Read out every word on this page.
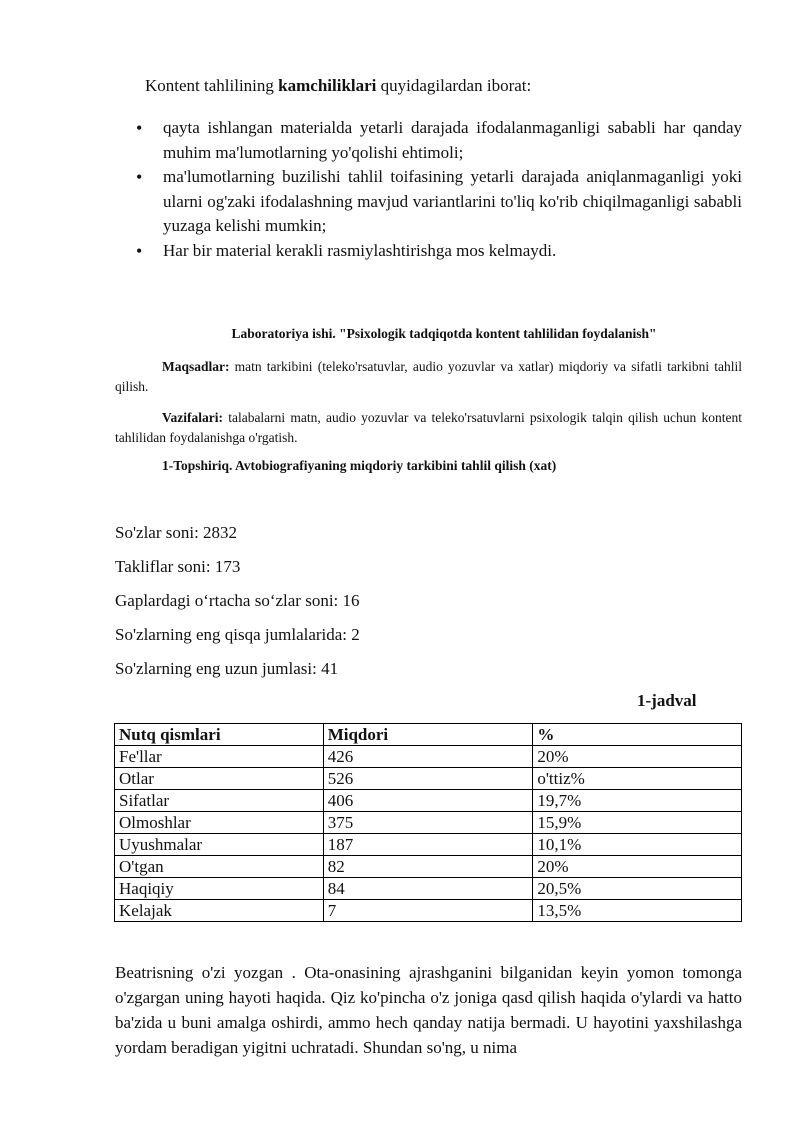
Kontent tahlilining kamchiliklari quyidagilardan iborat:
• qayta ishlangan materialda yetarli darajada ifodalanmaganligi sababli har qanday muhim ma'lumotlarning yo'qolishi ehtimoli;
• ma'lumotlarning buzilishi tahlil toifasining yetarli darajada aniqlanmaganligi yoki ularni og'zaki ifodalashning mavjud variantlarini to'liq ko'rib chiqilmaganligi sababli yuzaga kelishi mumkin;
• Har bir material kerakli rasmiylashtirishga mos kelmaydi.
Laboratoriya ishi. "Psixologik tadqiqotda kontent tahlilidan foydalanish"
Maqsadlar: matn tarkibini (teleko'rsatuvlar, audio yozuvlar va xatlar) miqdoriy va sifatli tarkibni tahlil qilish.
Vazifalari: talabalarni matn, audio yozuvlar va teleko'rsatuvlarni psixologik talqin qilish uchun kontent tahlilidan foydalanishga o'rgatish.
1-Topshiriq. Avtobiografiyaning miqdoriy tarkibini tahlil qilish (xat)
So'zlar soni: 2832
Takliflar soni: 173
Gaplardagi o‘rtacha so‘zlar soni: 16
So'zlarning eng qisqa jumlalarida: 2
So'zlarning eng uzun jumlasi: 41
1-jadval
Nutq qismlari	Miqdori	%
Fe'llar	426	20%
Otlar	526	o'ttiz%
Sifatlar	406	19,7%
Olmoshlar	375	15,9%
Uyushmalar	187	10,1%
O'tgan	82	20%
Haqiqiy	84	20,5%
Kelajak	7	13,5%
Beatrisning o'zi yozgan . Ota-onasining ajrashganini bilganidan keyin yomon tomonga o'zgargan uning hayoti haqida. Qiz ko'pincha o'z joniga qasd qilish haqida o'ylardi va hatto ba'zida u buni amalga oshirdi, ammo hech qanday natija bermadi. U hayotini yaxshilashga yordam beradigan yigitni uchratadi. Shundan so'ng, u nima
